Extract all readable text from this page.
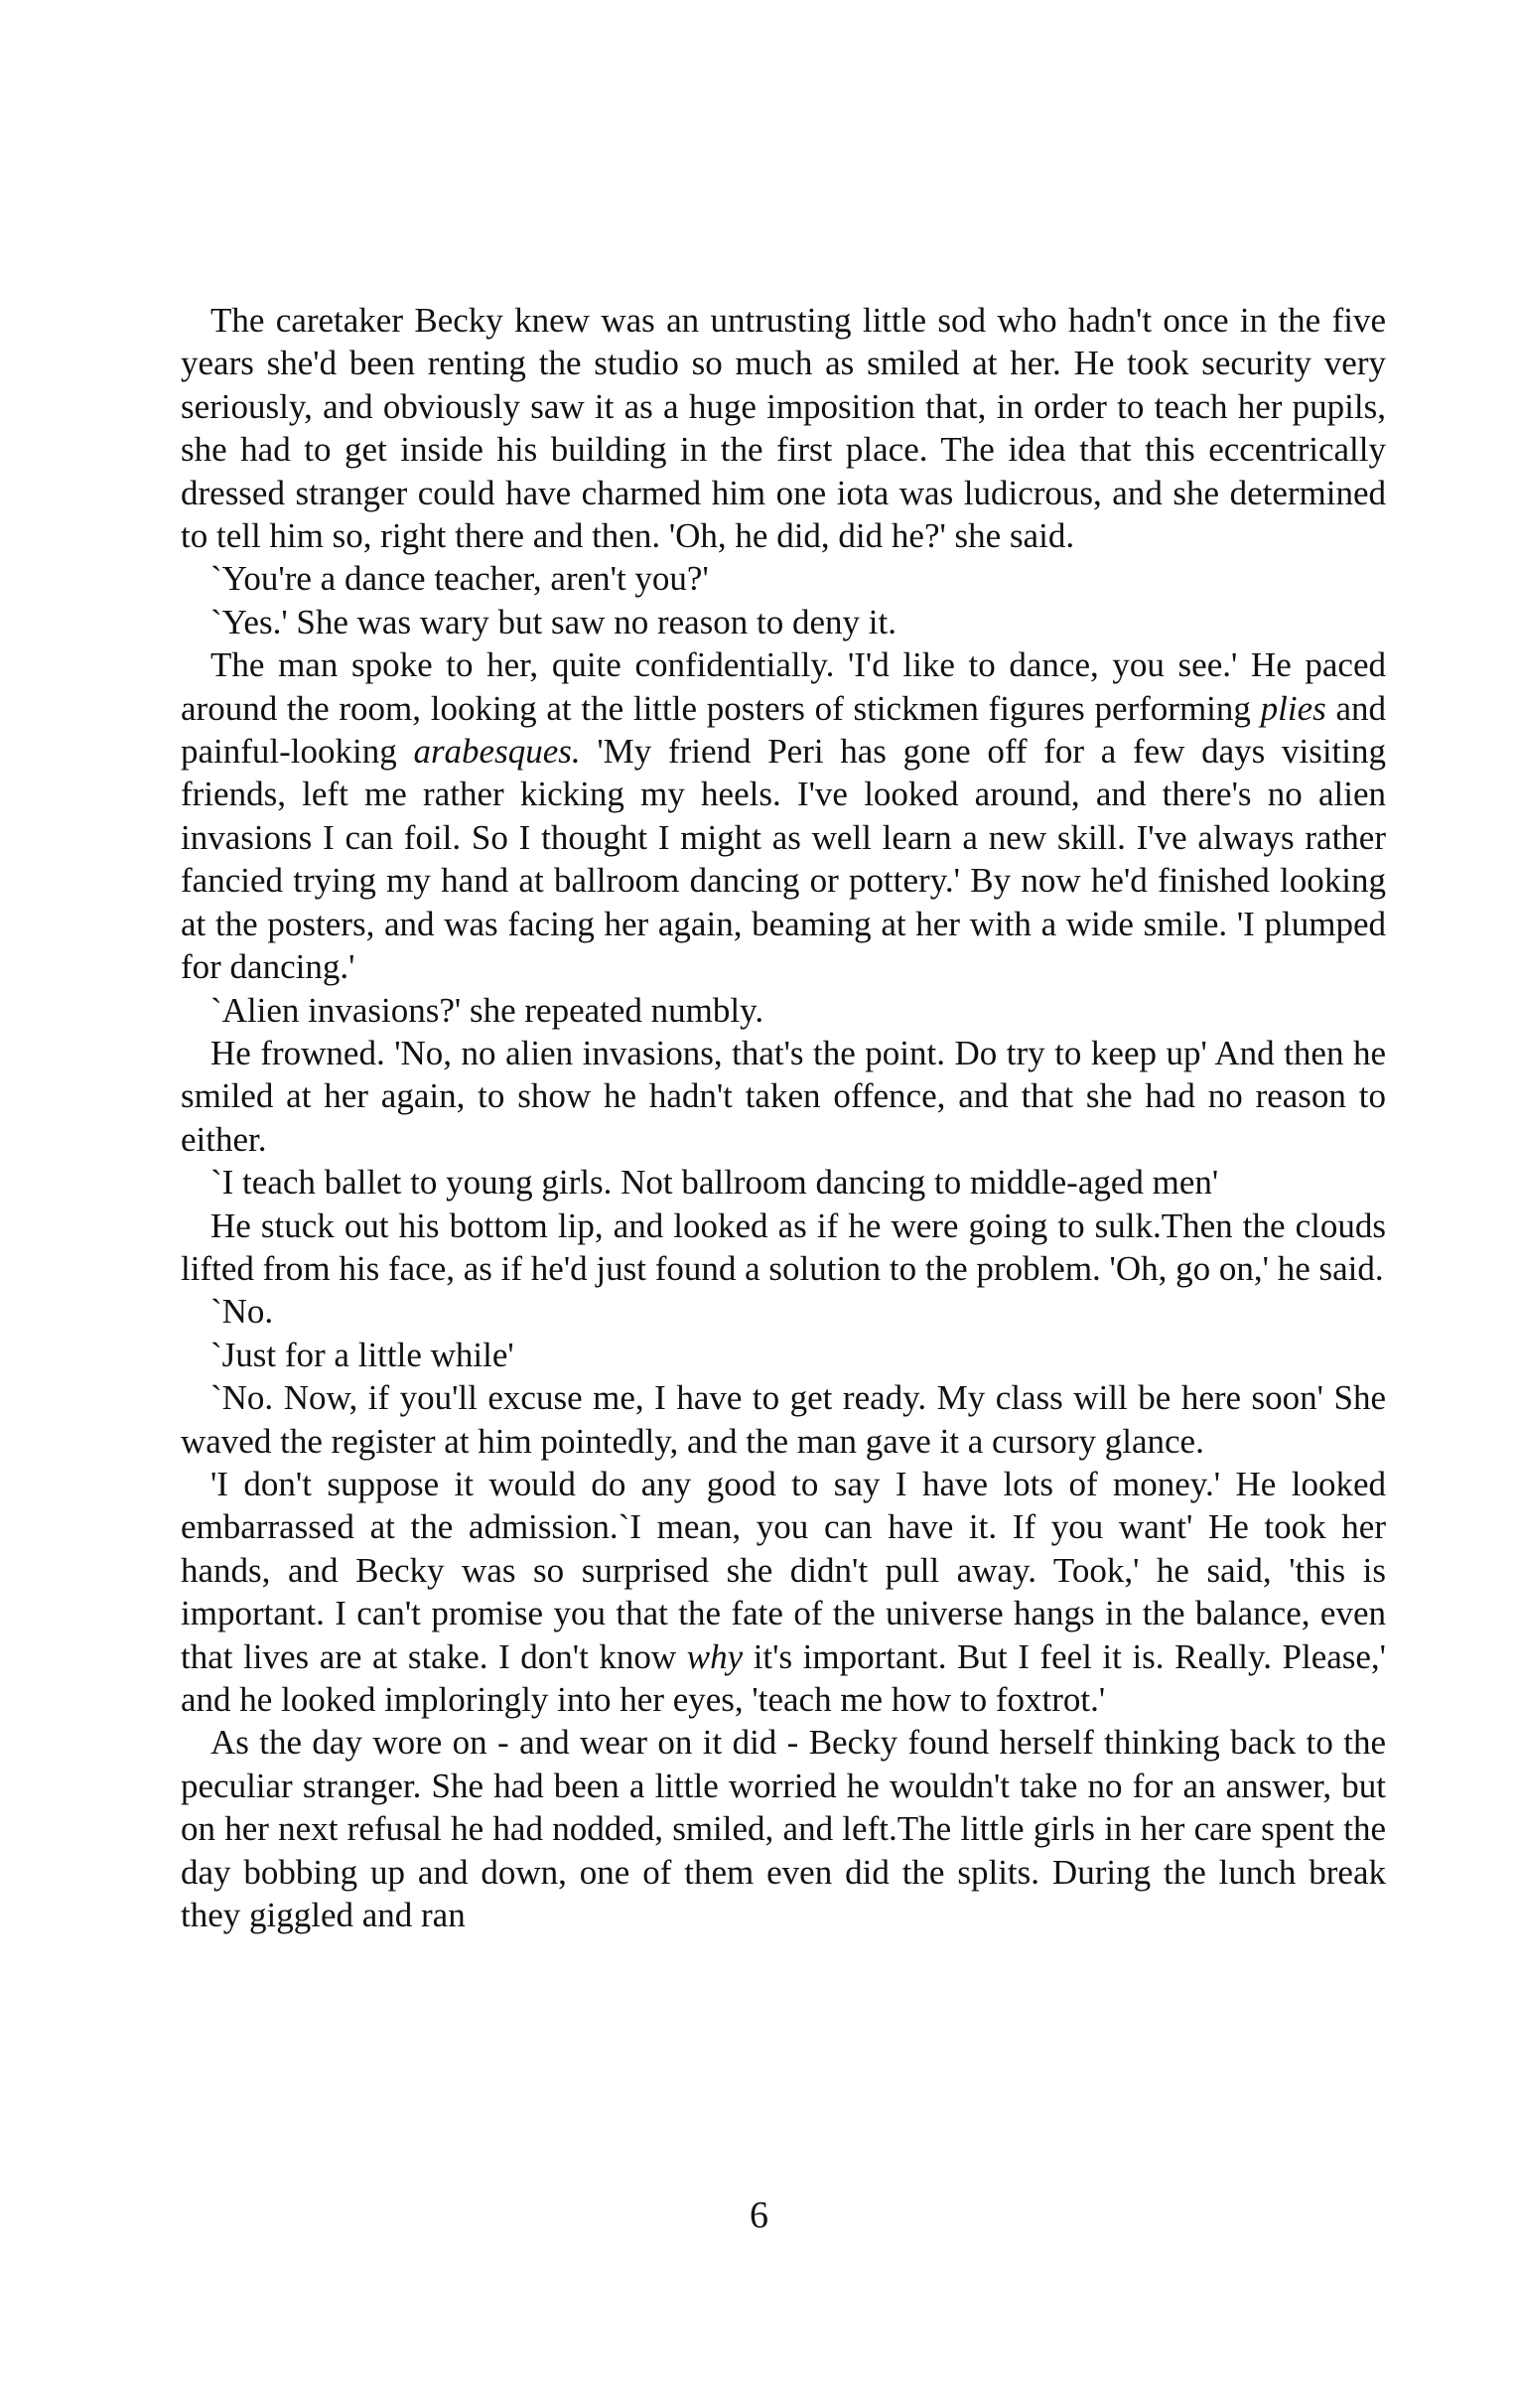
The caretaker Becky knew was an untrusting little sod who hadn't once in the five years she'd been renting the studio so much as smiled at her. He took security very seriously, and obviously saw it as a huge imposition that, in order to teach her pupils, she had to get inside his building in the first place. The idea that this eccentrically dressed stranger could have charmed him one iota was ludicrous, and she determined to tell him so, right there and then. 'Oh, he did, did he?' she said.

`You're a dance teacher, aren't you?'

`Yes.' She was wary but saw no reason to deny it.

The man spoke to her, quite confidentially. 'I'd like to dance, you see.' He paced around the room, looking at the little posters of stickmen figures performing plies and painful-looking arabesques. 'My friend Peri has gone off for a few days visiting friends, left me rather kicking my heels. I've looked around, and there's no alien invasions I can foil. So I thought I might as well learn a new skill. I've always rather fancied trying my hand at ballroom dancing or pottery.' By now he'd finished looking at the posters, and was facing her again, beaming at her with a wide smile. 'I plumped for dancing.'

`Alien invasions?' she repeated numbly.

He frowned. 'No, no alien invasions, that's the point. Do try to keep up' And then he smiled at her again, to show he hadn't taken offence, and that she had no reason to either.

`I teach ballet to young girls. Not ballroom dancing to middle-aged men'

He stuck out his bottom lip, and looked as if he were going to sulk.Then the clouds lifted from his face, as if he'd just found a solution to the problem. 'Oh, go on,' he said.

`No.

`Just for a little while'

`No. Now, if you'll excuse me, I have to get ready. My class will be here soon' She waved the register at him pointedly, and the man gave it a cursory glance.

'I don't suppose it would do any good to say I have lots of money.' He looked embarrassed at the admission.`I mean, you can have it. If you want' He took her hands, and Becky was so surprised she didn't pull away. Took,' he said, 'this is important. I can't promise you that the fate of the universe hangs in the balance, even that lives are at stake. I don't know why it's important. But I feel it is. Really. Please,' and he looked imploringly into her eyes, 'teach me how to foxtrot.'

As the day wore on - and wear on it did - Becky found herself thinking back to the peculiar stranger. She had been a little worried he wouldn't take no for an answer, but on her next refusal he had nodded, smiled, and left.The little girls in her care spent the day bobbing up and down, one of them even did the splits. During the lunch break they giggled and ran

6
